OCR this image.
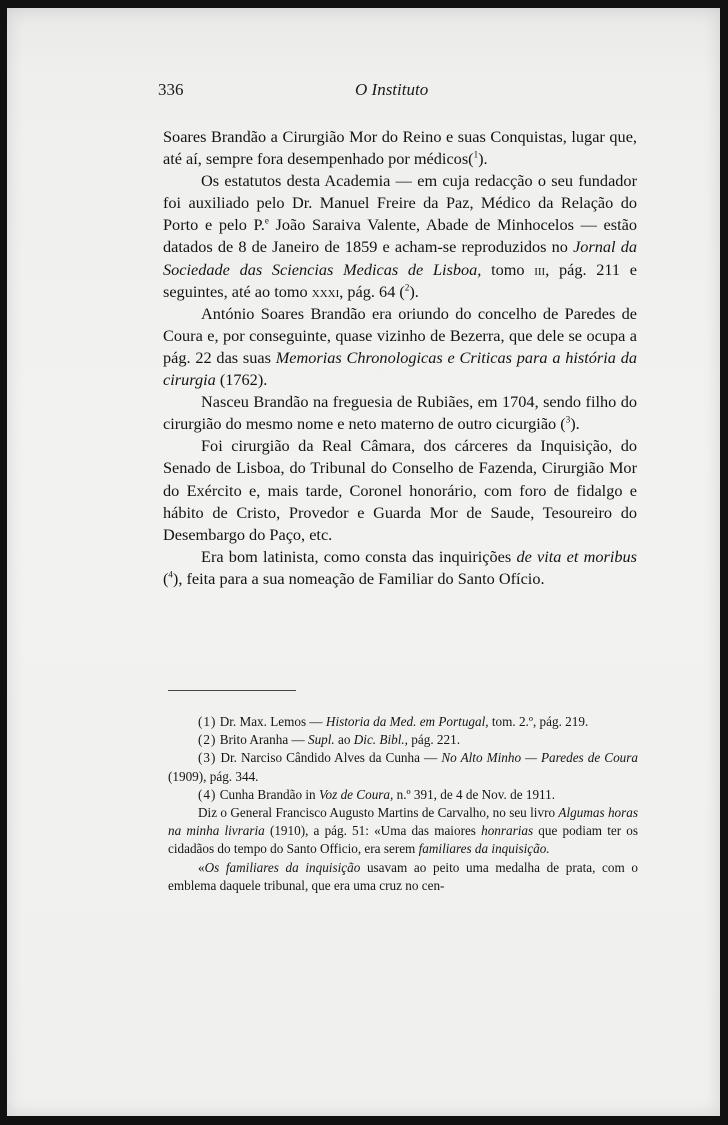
336	O Instituto

Soares Brandão a Cirurgião Mor do Reino e suas Conquistas, lugar que, até aí, sempre fora desempenhado por médicos($^1$).

Os estatutos desta Academia — em cuja redacção o seu fundador foi auxiliado pelo Dr. Manuel Freire da Paz, Médico da Relação do Porto e pelo P.$^e$ João Saraiva Valente, Abade de Minhocelos — estão datados de 8 de Janeiro de 1859 e acham-se reproduzidos no Jornal da Sociedade das Sciencias Medicas de Lisboa, tomo iii, pág. 211 e seguintes, até ao tomo xxxi, pág. 64 ($^2$).

António Soares Brandão era oriundo do concelho de Paredes de Coura e, por conseguinte, quase vizinho de Bezerra, que dele se ocupa a pág. 22 das suas Memorias Chronologicas e Criticas para a história da cirurgia (1762).

Nasceu Brandão na freguesia de Rubiães, em 1704, sendo filho do cirurgião do mesmo nome e neto materno de outro cicurgião ($^3$).

Foi cirurgião da Real Câmara, dos cárceres da Inquisição, do Senado de Lisboa, do Tribunal do Conselho de Fazenda, Cirurgião Mor do Exército e, mais tarde, Coronel honorário, com foro de fidalgo e hábito de Cristo, Provedor e Guarda Mor de Saude, Tesoureiro do Desembargo do Paço, etc.

Era bom latinista, como consta das inquirições de vita et moribus ($^4$), feita para a sua nomeação de Familiar do Santo Ofício.

(1) Dr. Max. Lemos — Historia da Med. em Portugal, tom. 2.º, pág. 219.

(2) Brito Aranha — Supl. ao Dic. Bibl., pág. 221.

(3) Dr. Narciso Cândido Alves da Cunha — No Alto Minho — Paredes de Coura (1909), pág. 344.

(4) Cunha Brandão in Voz de Coura, n.º 391, de 4 de Nov. de 1911.

Diz o General Francisco Augusto Martins de Carvalho, no seu livro Algumas horas na minha livraria (1910), a pág. 51: «Uma das maiores honrarias que podiam ter os cidadãos do tempo do Santo Officio, era serem familiares da inquisição.

«Os familiares da inquisição usavam ao peito uma medalha de prata, com o emblema daquele tribunal, que era uma cruz no cen-
